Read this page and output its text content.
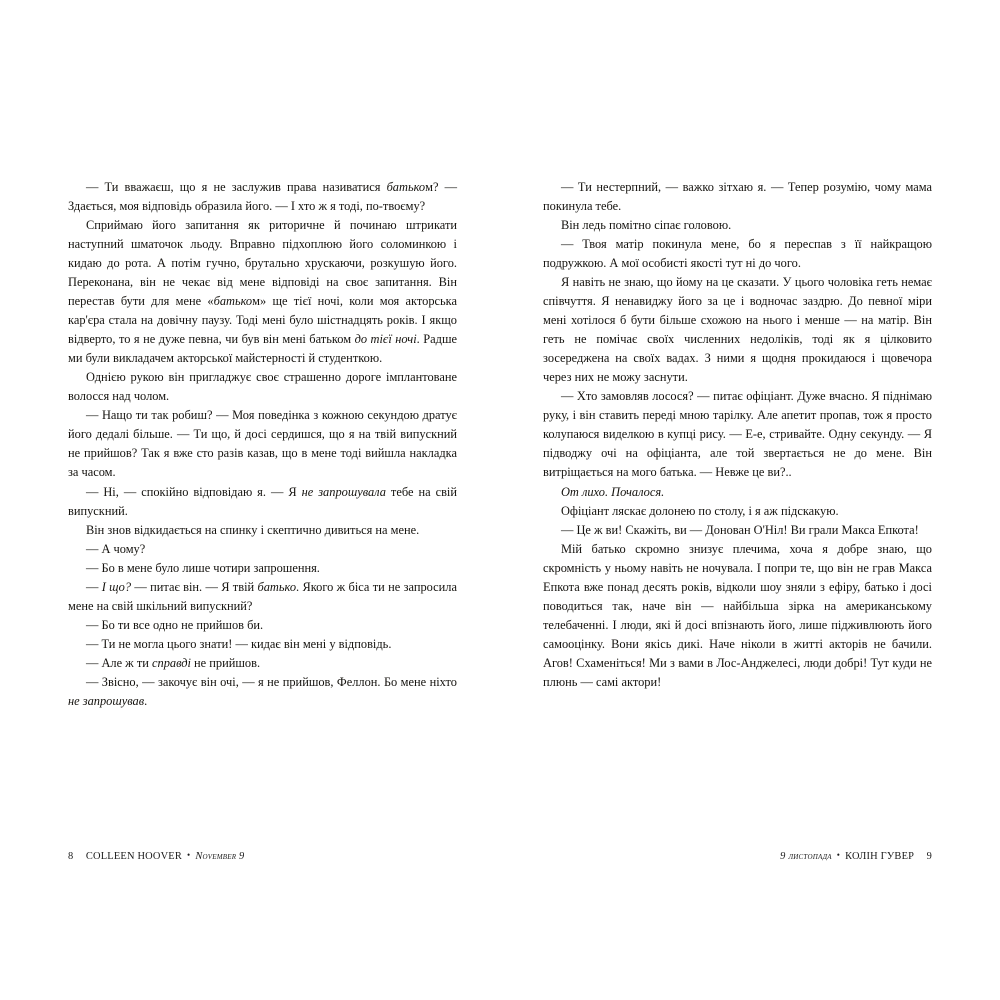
— Ти вважаєш, що я не заслужив права називатися батьком? — Здається, моя відповідь образила його. — І хто ж я тоді, по-твоєму?

Сприймаю його запитання як риторичне й починаю штрикати наступний шматочок льоду. Вправно підхоплюю його соломинкою і кидаю до рота. А потім гучно, брутально хрускаючи, розкушую його. Переконана, він не чекає від мене відповіді на своє запитання. Він перестав бути для мене «батьком» ще тієї ночі, коли моя акторська кар'єра стала на довічну паузу. Тоді мені було шістнадцять років. І якщо відверто, то я не дуже певна, чи був він мені батьком до тієї ночі. Радше ми були викладачем акторської майстерності й студенткою.

Однією рукою він пригладжує своє страшенно дороге імплантоване волосся над чолом.

— Нащо ти так робиш? — Моя поведінка з кожною секундою дратує його дедалі більше. — Ти що, й досі сердишся, що я на твій випускний не прийшов? Так я вже сто разів казав, що в мене тоді вийшла накладка за часом.

— Ні, — спокійно відповідаю я. — Я не запрошувала тебе на свій випускний.

Він знов відкидається на спинку і скептично дивиться на мене.

— А чому?

— Бо в мене було лише чотири запрошення.

— І що? — питає він. — Я твій батько. Якого ж біса ти не запросила мене на свій шкільний випускний?

— Бо ти все одно не прийшов би.

— Ти не могла цього знати! — кидає він мені у відповідь.

— Але ж ти справді не прийшов.

— Звісно, — закочує він очі, — я не прийшов, Феллон. Бо мене ніхто не запрошував.

8 COLLEEN HOOVER • November 9

— Ти нестерпний, — важко зітхаю я. — Тепер розумію, чому мама покинула тебе.

Він ледь помітно сіпає головою.

— Твоя матір покинула мене, бо я переспав з її найкращою подружкою. А мої особисті якості тут ні до чого.

Я навіть не знаю, що йому на це сказати. У цього чоловіка геть немає співчуття. Я ненавиджу його за це і водночас заздрю. До певної міри мені хотілося б бути більше схожою на нього і менше — на матір. Він геть не помічає своїх численних недоліків, тоді як я цілковито зосереджена на своїх вадах. З ними я щодня прокидаюся і щовечора через них не можу заснути.

— Хто замовляв лосося? — питає офіціант. Дуже вчасно. Я піднімаю руку, і він ставить переді мною тарілку. Але апетит пропав, тож я просто колупаюся виделкою в купці рису. — Е-е, стривайте. Одну секунду. — Я підводжу очі на офіціанта, але той звертається не до мене. Він витріщається на мого батька. — Невже це ви?..

От лихо. Почалося.

Офіціант ляскає долонею по столу, і я аж підскакую.

— Це ж ви! Скажіть, ви — Донован О'Ніл! Ви грали Макса Епкота!

Мій батько скромно знизує плечима, хоча я добре знаю, що скромність у ньому навіть не ночувала. І попри те, що він не грав Макса Епкота вже понад десять років, відколи шоу зняли з ефіру, батько і досі поводиться так, наче він — найбільша зірка на американському телебаченні. І люди, які й досі впізнають його, лише підживлюють його самооцінку. Вони якісь дикі. Наче ніколи в житті акторів не бачили. Агов! Схаменіться! Ми з вами в Лос-Анджелесі, люди добрі! Тут куди не плюнь — самі актори!

9 листопада • КОЛІН ГУВЕР 9
